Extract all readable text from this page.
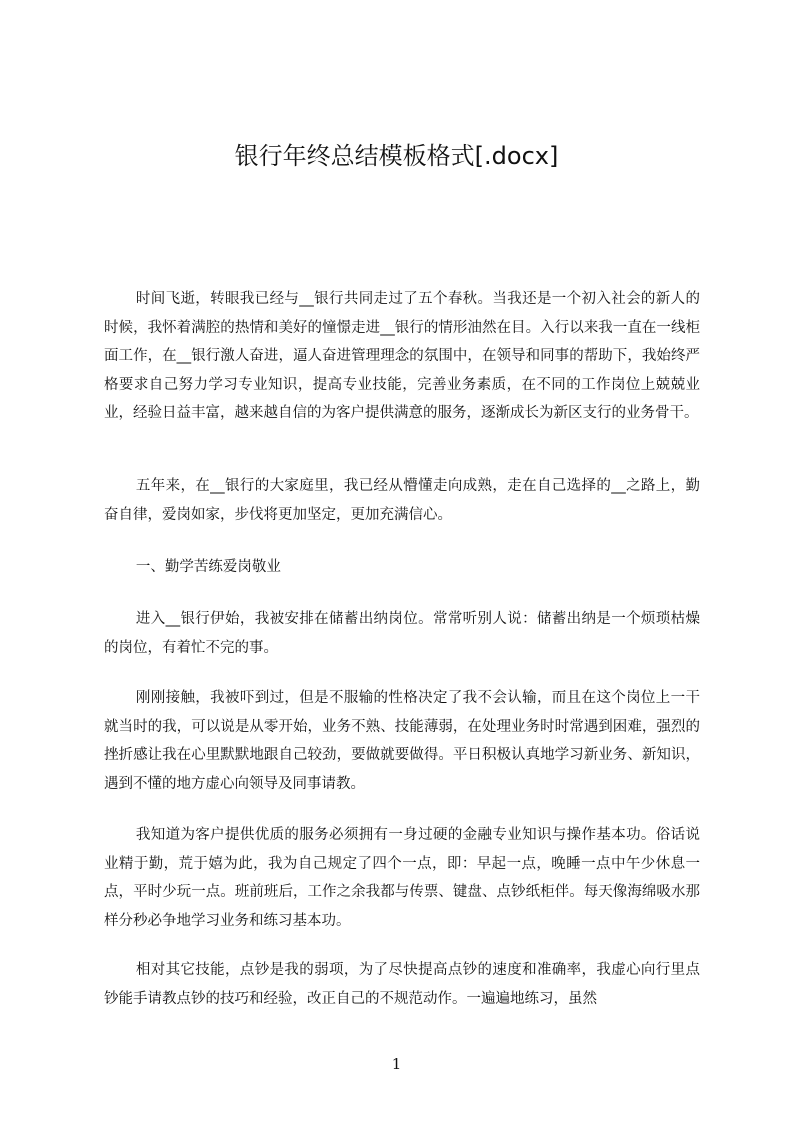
银行年终总结模板格式[.docx]

时间飞逝，转眼我已经与__银行共同走过了五个春秋。当我还是一个初入社会的新人的时候，我怀着满腔的热情和美好的憧憬走进__银行的情形油然在目。入行以来我一直在一线柜面工作，在__银行激人奋进，逼人奋进管理理念的氛围中，在领导和同事的帮助下，我始终严格要求自己努力学习专业知识，提高专业技能，完善业务素质，在不同的工作岗位上兢兢业业，经验日益丰富，越来越自信的为客户提供满意的服务，逐渐成长为新区支行的业务骨干。

五年来，在__银行的大家庭里，我已经从懵懂走向成熟，走在自己选择的__之路上，勤奋自律，爱岗如家，步伐将更加坚定，更加充满信心。

一、勤学苦练爱岗敬业

进入__银行伊始，我被安排在储蓄出纳岗位。常常听别人说：储蓄出纳是一个烦琐枯燥的岗位，有着忙不完的事。

刚刚接触，我被吓到过，但是不服输的性格决定了我不会认输，而且在这个岗位上一干就当时的我，可以说是从零开始，业务不熟、技能薄弱，在处理业务时时常遇到困难，强烈的挫折感让我在心里默默地跟自己较劲，要做就要做得。平日积极认真地学习新业务、新知识，遇到不懂的地方虚心向领导及同事请教。

我知道为客户提供优质的服务必须拥有一身过硬的金融专业知识与操作基本功。俗话说业精于勤，荒于嬉为此，我为自己规定了四个一点，即：早起一点，晚睡一点中午少休息一点，平时少玩一点。班前班后，工作之余我都与传票、键盘、点钞纸柜伴。每天像海绵吸水那样分秒必争地学习业务和练习基本功。

相对其它技能，点钞是我的弱项，为了尽快提高点钞的速度和准确率，我虚心向行里点钞能手请教点钞的技巧和经验，改正自己的不规范动作。一遍遍地练习，虽然

1
